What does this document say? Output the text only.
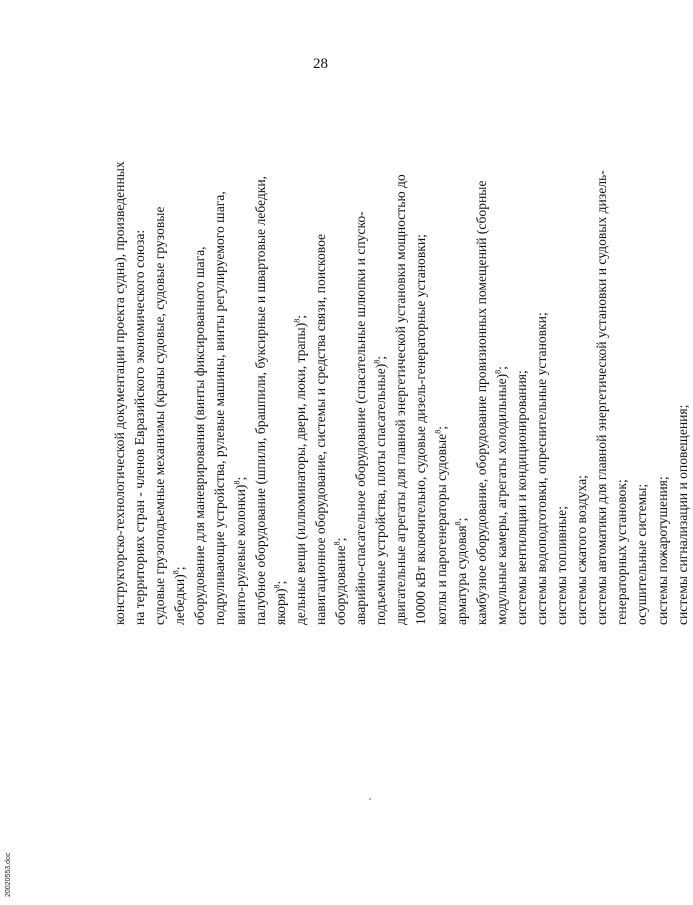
28
конструкторско-технологической документации проекта судна), произведенных на территориях стран - членов Евразийского экономического союза: судовые грузоподъемные механизмы (краны судовые, судовые грузовые лебедки)$^8$; оборудование для маневрирования (винты фиксированного шага, подруливающие устройства, рулевые машины, винты регулируемого шага, винто-рулевые колонки)$^8$; палубное оборудование (шпили, брашпили, буксирные и швартовые лебедки, якоря)$^8$; дельные вещи (иллюминаторы, двери, люки, трапы)$^8$; навигационное оборудование, системы и средства связи, поисковое оборудование$^8$; аварийно-спасательное оборудование (спасательные шлюпки и спуско- подъемные устройства, плоты спасательные)$^8$; двигательные агрегаты для главной энергетической установки мощностью до 10000 кВт включительно, судовые дизель-генераторные установки; котлы и парогенераторы судовые$^8$;
арматура судовая$^8$; камбузное оборудование, оборудование провизионных помещений (сборные модульные камеры, агрегаты холодильные)$^8$;
системы вентиляции и кондиционирования; системы водоподготовки, опреснительные установки; системы топливные; системы сжатого воздуха; системы автоматики для главной энергетической установки и судовых дизель- генераторных установок; осушительные системы; системы пожаротушения; системы сигнализации и оповещения;
20020553.doc
